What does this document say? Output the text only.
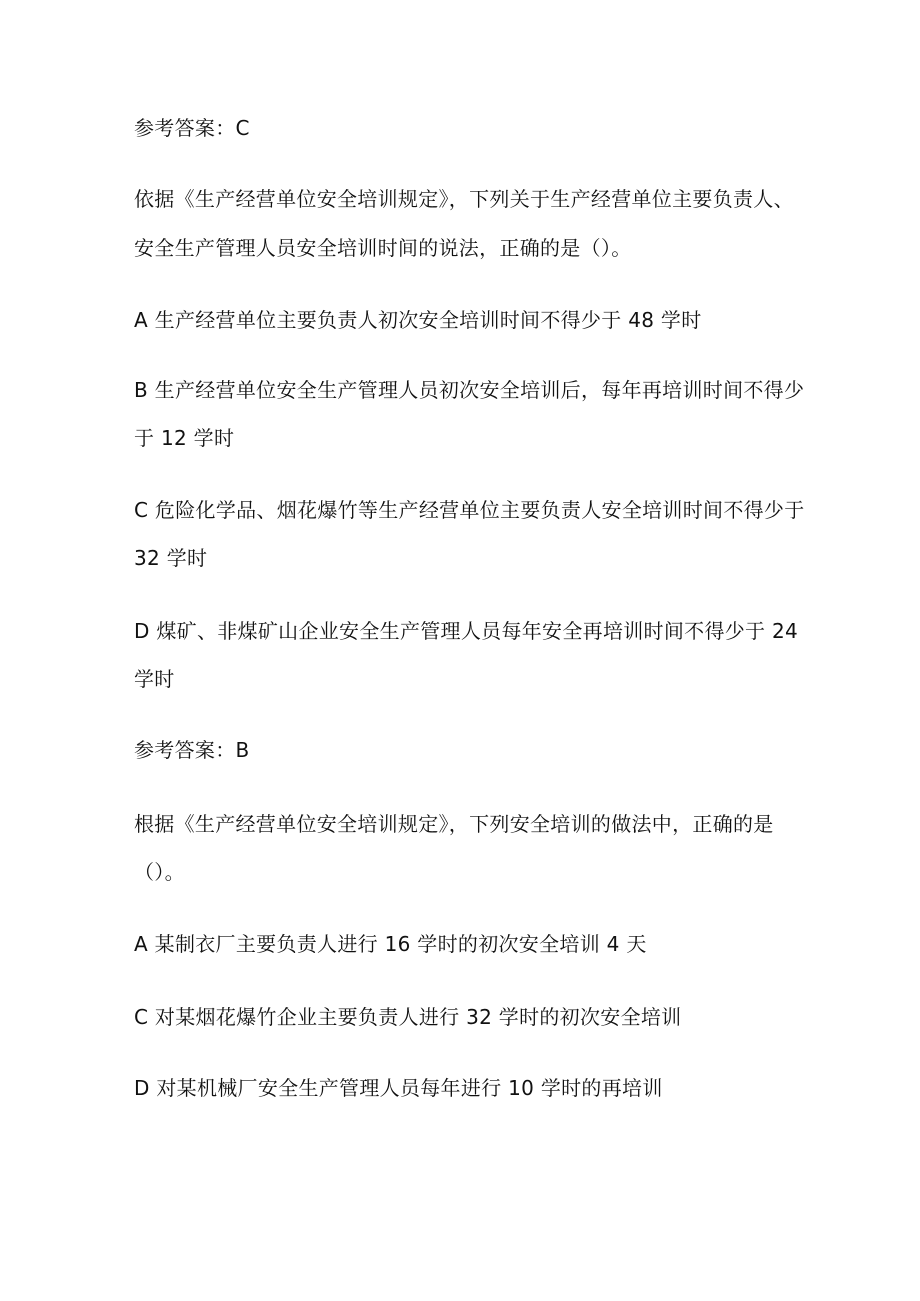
参考答案：C
依据《生产经营单位安全培训规定》，下列关于生产经营单位主要负责人、
安全生产管理人员安全培训时间的说法，正确的是（）。
A 生产经营单位主要负责人初次安全培训时间不得少于 48 学时
B 生产经营单位安全生产管理人员初次安全培训后，每年再培训时间不得少
于 12 学时
C 危险化学品、烟花爆竹等生产经营单位主要负责人安全培训时间不得少于
32 学时
D 煤矿、非煤矿山企业安全生产管理人员每年安全再培训时间不得少于 24
学时
参考答案：B
根据《生产经营单位安全培训规定》，下列安全培训的做法中，正确的是
（）。
A 某制衣厂主要负责人进行 16 学时的初次安全培训 4 天
C 对某烟花爆竹企业主要负责人进行 32 学时的初次安全培训
D 对某机械厂安全生产管理人员每年进行 10 学时的再培训
